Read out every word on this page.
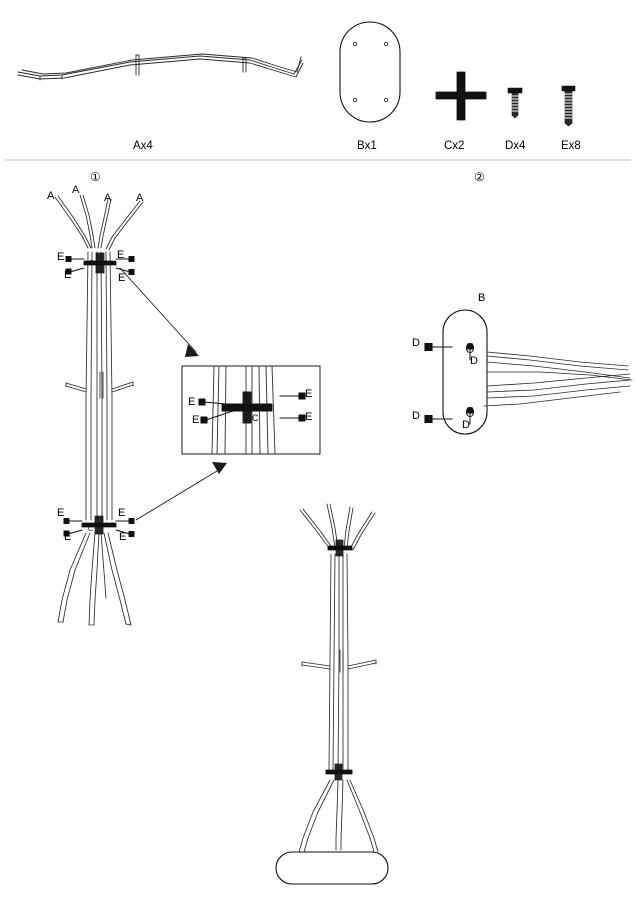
Ax4	Bx1	Cx2	Dx4	Ex8
①	②
A A
A A
E
E
E
E
C
E
E
E
E
C
E
E
E
E
C
B
D
D
D
D
